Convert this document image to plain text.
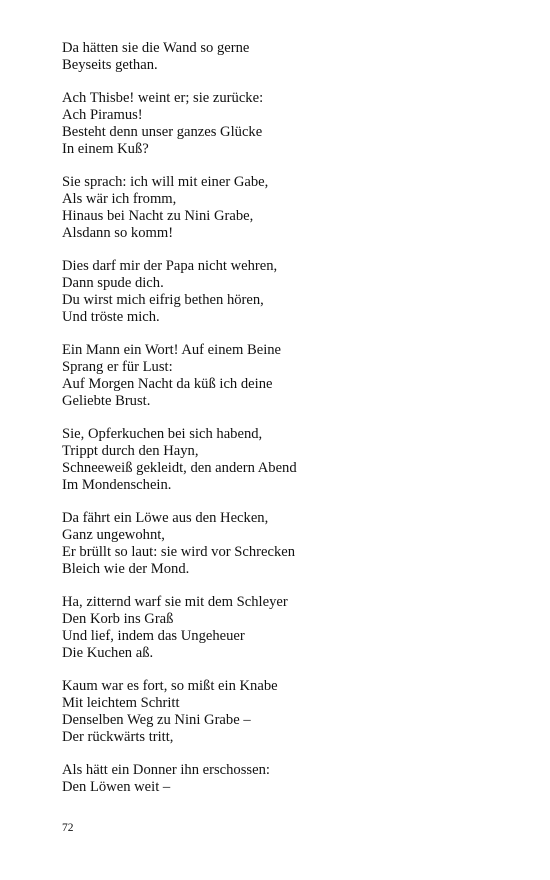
Da hätten sie die Wand so gerne
Beyseits gethan.
Ach Thisbe! weint er; sie zurücke:
Ach Piramus!
Besteht denn unser ganzes Glücke
In einem Kuß?
Sie sprach: ich will mit einer Gabe,
Als wär ich fromm,
Hinaus bei Nacht zu Nini Grabe,
Alsdann so komm!
Dies darf mir der Papa nicht wehren,
Dann spude dich.
Du wirst mich eifrig bethen hören,
Und tröste mich.
Ein Mann ein Wort! Auf einem Beine
Sprang er für Lust:
Auf Morgen Nacht da küß ich deine
Geliebte Brust.
Sie, Opferkuchen bei sich habend,
Trippt durch den Hayn,
Schneeweiß gekleidt, den andern Abend
Im Mondenschein.
Da fährt ein Löwe aus den Hecken,
Ganz ungewohnt,
Er brüllt so laut: sie wird vor Schrecken
Bleich wie der Mond.
Ha, zitternd warf sie mit dem Schleyer
Den Korb ins Graß
Und lief, indem das Ungeheuer
Die Kuchen aß.
Kaum war es fort, so mißt ein Knabe
Mit leichtem Schritt
Denselben Weg zu Nini Grabe –
Der rückwärts tritt,
Als hätt ein Donner ihn erschossen:
Den Löwen weit –
72
